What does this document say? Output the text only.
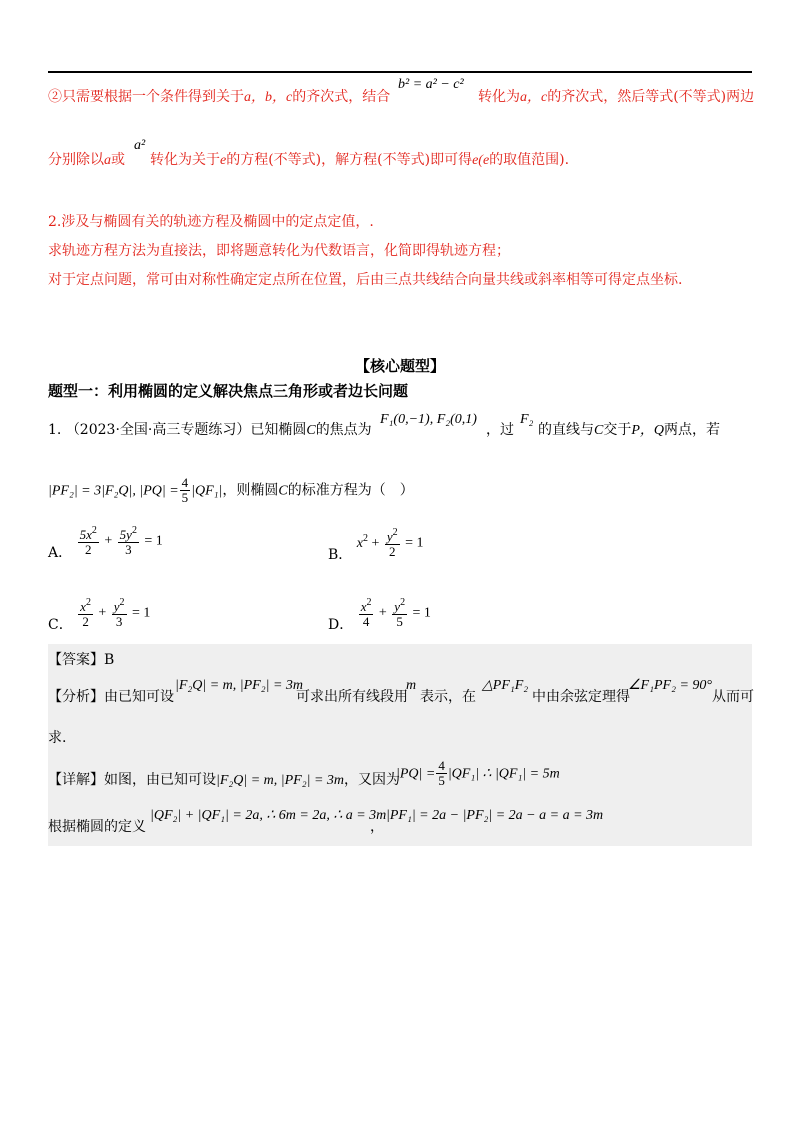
②只需要根据一个条件得到关于a，b，c的齐次式，结合
b² = a² − c²
转化为a，c的齐次式，然后等式(不等式)两边
分别除以a或
a²
转化为关于e的方程(不等式)，解方程(不等式)即可得e(e的取值范围).
2.涉及与椭圆有关的轨迹方程及椭圆中的定点定值，.
求轨迹方程方法为直接法，即将题意转化为代数语言，化简即得轨迹方程；
对于定点问题，常可由对称性确定定点所在位置，后由三点共线结合向量共线或斜率相等可得定点坐标.
【核心题型】
题型一：利用椭圆的定义解决焦点三角形或者边长问题
1. （2023·全国·高三专题练习）已知椭圆C的焦点为
F₁(0,−1), F₂(0,1)
，过
F₂
的直线与C交于P，Q两点，若
|PF₂| = 3|F₂Q|, $|PQ| = \frac{4}{5} |QF_1|$，则椭圆C的标准方程为（　）
A． $\frac{5x^2}{2} + \frac{5y^2}{3} = 1$
B． $x^2 + \frac{y^2}{2} = 1$
C． $\frac{x^2}{2} + \frac{y^2}{3} = 1$
D． $\frac{x^2}{4} + \frac{y^2}{5} = 1$
【答案】B
【分析】由已知可设
|F₂Q| = m, |PF₂| = 3m
可求出所有线段用
m
表示，在
△PF₁F₂
中由余弦定理得
∠F₁PF₂ = 90°
从而可
求.
【详解】如图，由已知可设|F₂Q| = m, |PF₂| = 3m，又因为
$|PQ| = \frac{4}{5} |QF_1|$ ∴ |QF₁| = 5m
根据椭圆的定义
|QF₂| + |QF₁| = 2a, ∴ 6m = 2a, ∴ a = 3m
，
|PF₁| = 2a − |PF₂| = 2a − a = a = 3m
